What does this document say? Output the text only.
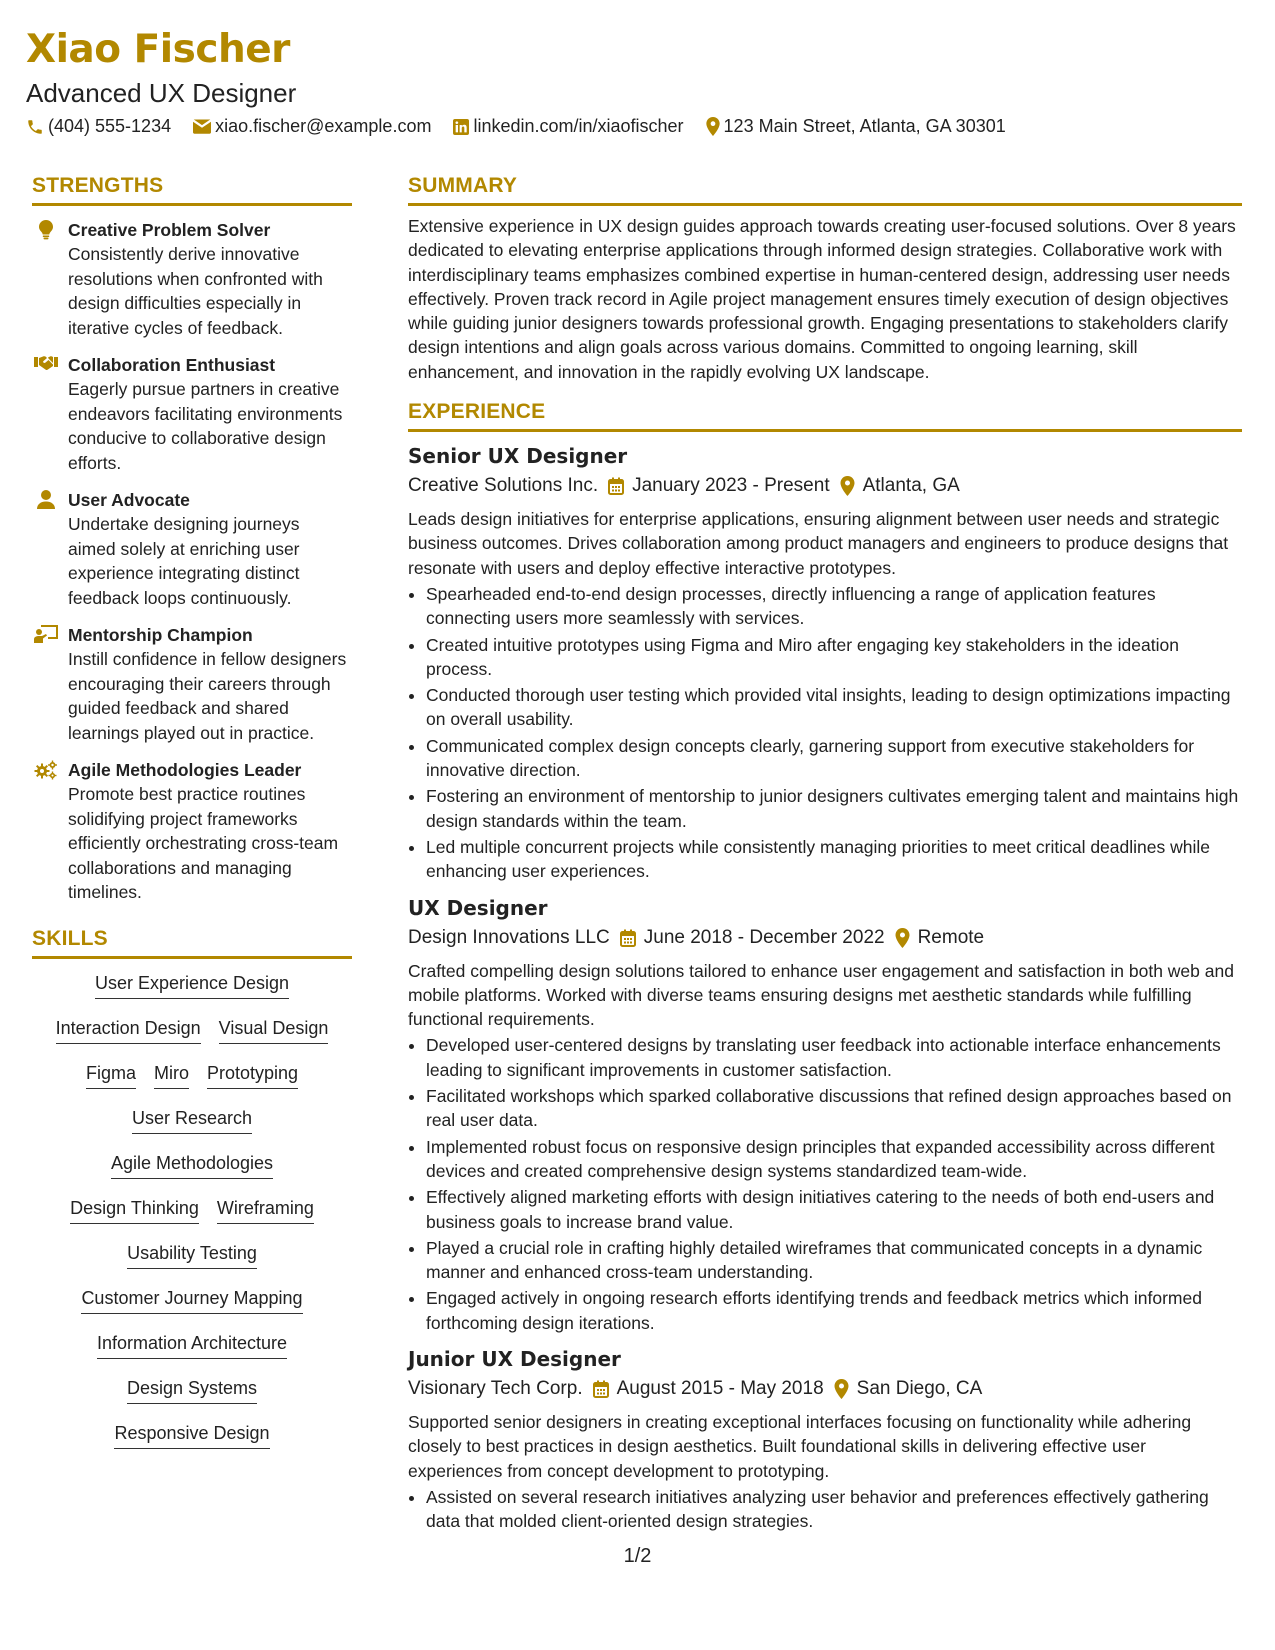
Xiao Fischer
Advanced UX Designer
(404) 555-1234 xiao.fischer@example.com linkedin.com/in/xiaofischer 123 Main Street, Atlanta, GA 30301
STRENGTHS
Creative Problem Solver
Consistently derive innovative resolutions when confronted with design difficulties especially in iterative cycles of feedback.
Collaboration Enthusiast
Eagerly pursue partners in creative endeavors facilitating environments conducive to collaborative design efforts.
User Advocate
Undertake designing journeys aimed solely at enriching user experience integrating distinct feedback loops continuously.
Mentorship Champion
Instill confidence in fellow designers encouraging their careers through guided feedback and shared learnings played out in practice.
Agile Methodologies Leader
Promote best practice routines solidifying project frameworks efficiently orchestrating cross-team collaborations and managing timelines.
SKILLS
User Experience Design
Interaction Design Visual Design
Figma Miro Prototyping
User Research
Agile Methodologies
Design Thinking Wireframing
Usability Testing
Customer Journey Mapping
Information Architecture
Design Systems
Responsive Design
SUMMARY

Extensive experience in UX design guides approach towards creating user-focused solutions. Over 8 years dedicated to elevating enterprise applications through informed design strategies. Collaborative work with interdisciplinary teams emphasizes combined expertise in human-centered design, addressing user needs effectively. Proven track record in Agile project management ensures timely execution of design objectives while guiding junior designers towards professional growth. Engaging presentations to stakeholders clarify design intentions and align goals across various domains. Committed to ongoing learning, skill enhancement, and innovation in the rapidly evolving UX landscape.

EXPERIENCE
Senior UX Designer
Creative Solutions Inc. January 2023 - Present Atlanta, GA
Leads design initiatives for enterprise applications, ensuring alignment between user needs and strategic business outcomes. Drives collaboration among product managers and engineers to produce designs that resonate with users and deploy effective interactive prototypes.
• Spearheaded end-to-end design processes, directly influencing a range of application features connecting users more seamlessly with services.
• Created intuitive prototypes using Figma and Miro after engaging key stakeholders in the ideation process.
• Conducted thorough user testing which provided vital insights, leading to design optimizations impacting on overall usability.
• Communicated complex design concepts clearly, garnering support from executive stakeholders for innovative direction.
• Fostering an environment of mentorship to junior designers cultivates emerging talent and maintains high design standards within the team.
• Led multiple concurrent projects while consistently managing priorities to meet critical deadlines while enhancing user experiences.
UX Designer
Design Innovations LLC June 2018 - December 2022 Remote
Crafted compelling design solutions tailored to enhance user engagement and satisfaction in both web and mobile platforms. Worked with diverse teams ensuring designs met aesthetic standards while fulfilling functional requirements.
• Developed user-centered designs by translating user feedback into actionable interface enhancements leading to significant improvements in customer satisfaction.
• Facilitated workshops which sparked collaborative discussions that refined design approaches based on real user data.
• Implemented robust focus on responsive design principles that expanded accessibility across different devices and created comprehensive design systems standardized team-wide.
• Effectively aligned marketing efforts with design initiatives catering to the needs of both end-users and business goals to increase brand value.
• Played a crucial role in crafting highly detailed wireframes that communicated concepts in a dynamic manner and enhanced cross-team understanding.
• Engaged actively in ongoing research efforts identifying trends and feedback metrics which informed forthcoming design iterations.
Junior UX Designer
Visionary Tech Corp. August 2015 - May 2018 San Diego, CA
Supported senior designers in creating exceptional interfaces focusing on functionality while adhering closely to best practices in design aesthetics. Built foundational skills in delivering effective user experiences from concept development to prototyping.
• Assisted on several research initiatives analyzing user behavior and preferences effectively gathering data that molded client-oriented design strategies.
1/2
